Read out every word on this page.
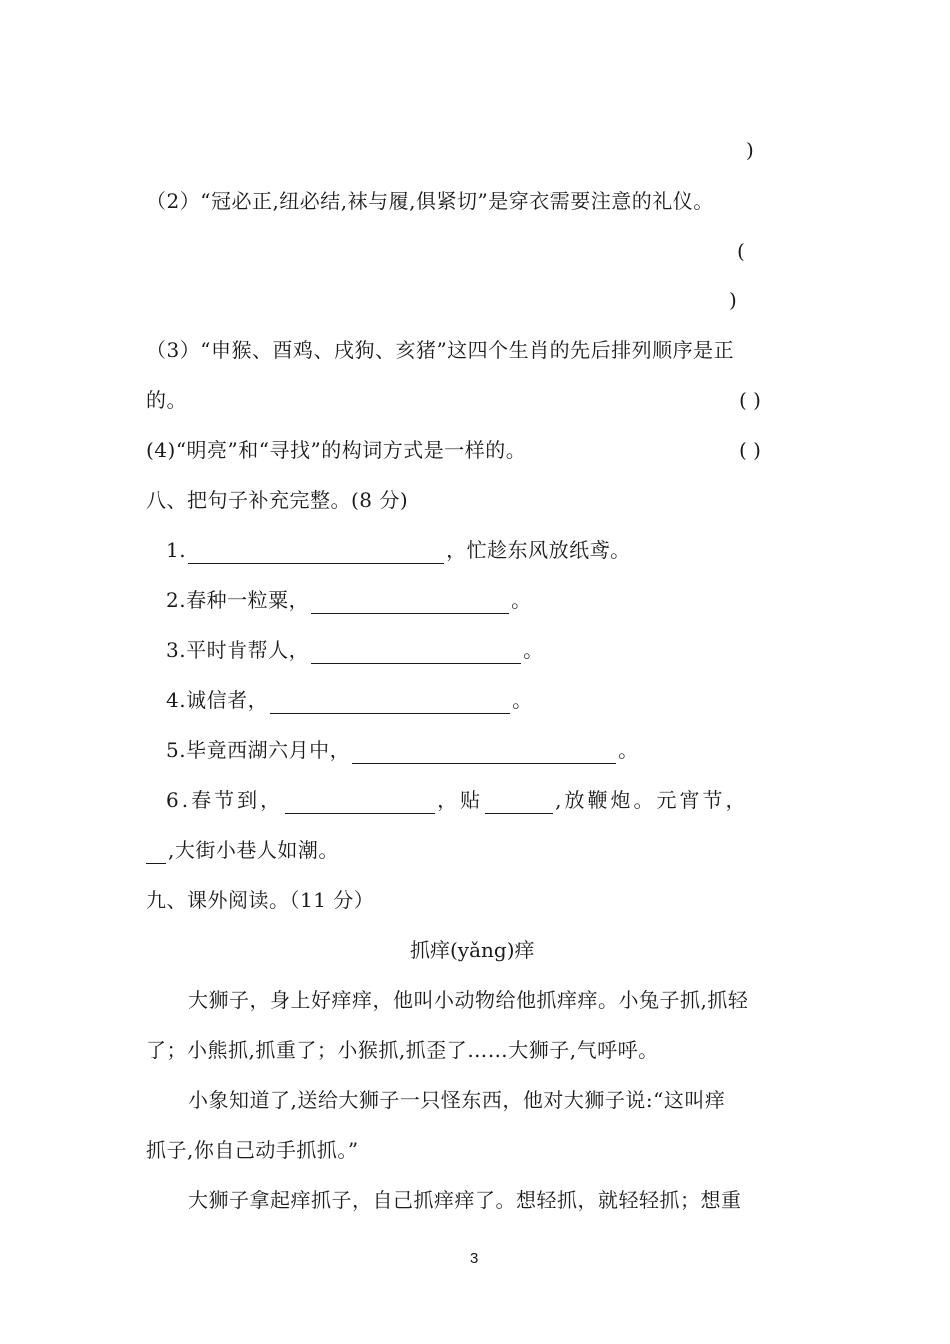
)
（2）“冠必正,纽必结,袜与履,俱紧切”是穿衣需要注意的礼仪。
(
)
（3）“申猴、酉鸡、戌狗、亥猪”这四个生肖的先后排列顺序是正
的。	( )
(4)“明亮”和“寻找”的构词方式是一样的。	( )
八、把句子补充完整。(8 分)
1.	，忙趁东风放纸鸢。
2.春种一粒粟，	。
3.平时肯帮人，	。
4.诚信者，	。
5.毕竟西湖六月中，	。
6.春节到，	，贴	,放鞭炮。元宵节，
,大街小巷人如潮。
九、课外阅读。（11 分）
抓痒(yǎng)痒
大狮子，身上好痒痒，他叫小动物给他抓痒痒。小兔子抓,抓轻
了；小熊抓,抓重了；小猴抓,抓歪了……大狮子,气呼呼。
小象知道了,送给大狮子一只怪东西，他对大狮子说:“这叫痒
抓子,你自己动手抓抓。”
大狮子拿起痒抓子，自己抓痒痒了。想轻抓，就轻轻抓；想重
3
